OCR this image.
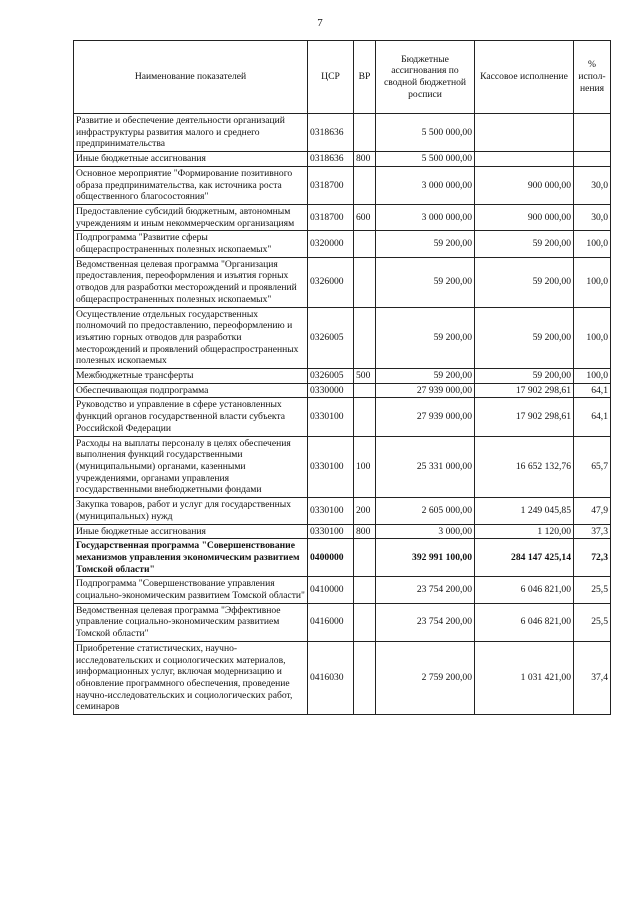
7
Наименование показателей	ЦСР	ВР	Бюджетные ассигнования по сводной бюджетной росписи	Кассовое исполнение	% испол-нения
Развитие и обеспечение деятельности организаций инфраструктуры развития малого и среднего предпринимательства	0318636		5 500 000,00		
Иные бюджетные ассигнования	0318636	800	5 500 000,00		
Основное мероприятие "Формирование позитивного образа предпринимательства, как источника роста общественного благосостояния"	0318700		3 000 000,00	900 000,00	30,0
Предоставление субсидий бюджетным, автономным учреждениям и иным некоммерческим организациям	0318700	600	3 000 000,00	900 000,00	30,0
Подпрограмма "Развитие сферы общераспространенных полезных ископаемых"	0320000		59 200,00	59 200,00	100,0
Ведомственная целевая программа "Организация предоставления, переоформления и изъятия горных отводов для разработки месторождений и проявлений общераспространенных полезных ископаемых"	0326000		59 200,00	59 200,00	100,0
Осуществление отдельных государственных полномочий по предоставлению, переоформлению и изъятию горных отводов для разработки месторождений и проявлений общераспространенных полезных ископаемых	0326005		59 200,00	59 200,00	100,0
Межбюджетные трансферты	0326005	500	59 200,00	59 200,00	100,0
Обеспечивающая подпрограмма	0330000		27 939 000,00	17 902 298,61	64,1
Руководство и управление в сфере установленных функций органов государственной власти субъекта Российской Федерации	0330100		27 939 000,00	17 902 298,61	64,1
Расходы на выплаты персоналу в целях обеспечения выполнения функций государственными (муниципальными) органами, казенными учреждениями, органами управления государственными внебюджетными фондами	0330100	100	25 331 000,00	16 652 132,76	65,7
Закупка товаров, работ и услуг для государственных (муниципальных) нужд	0330100	200	2 605 000,00	1 249 045,85	47,9
Иные бюджетные ассигнования	0330100	800	3 000,00	1 120,00	37,3
Государственная программа "Совершенствование механизмов управления экономическим развитием Томской области"	0400000		392 991 100,00	284 147 425,14	72,3
Подпрограмма "Совершенствование управления социально-экономическим развитием Томской области"	0410000		23 754 200,00	6 046 821,00	25,5
Ведомственная целевая программа "Эффективное управление социально-экономическим развитием Томской области"	0416000		23 754 200,00	6 046 821,00	25,5
Приобретение статистических, научно-исследовательских и социологических материалов, информационных услуг, включая модернизацию и обновление программного обеспечения, проведение научно-исследовательских и социологических работ, семинаров	0416030		2 759 200,00	1 031 421,00	37,4
